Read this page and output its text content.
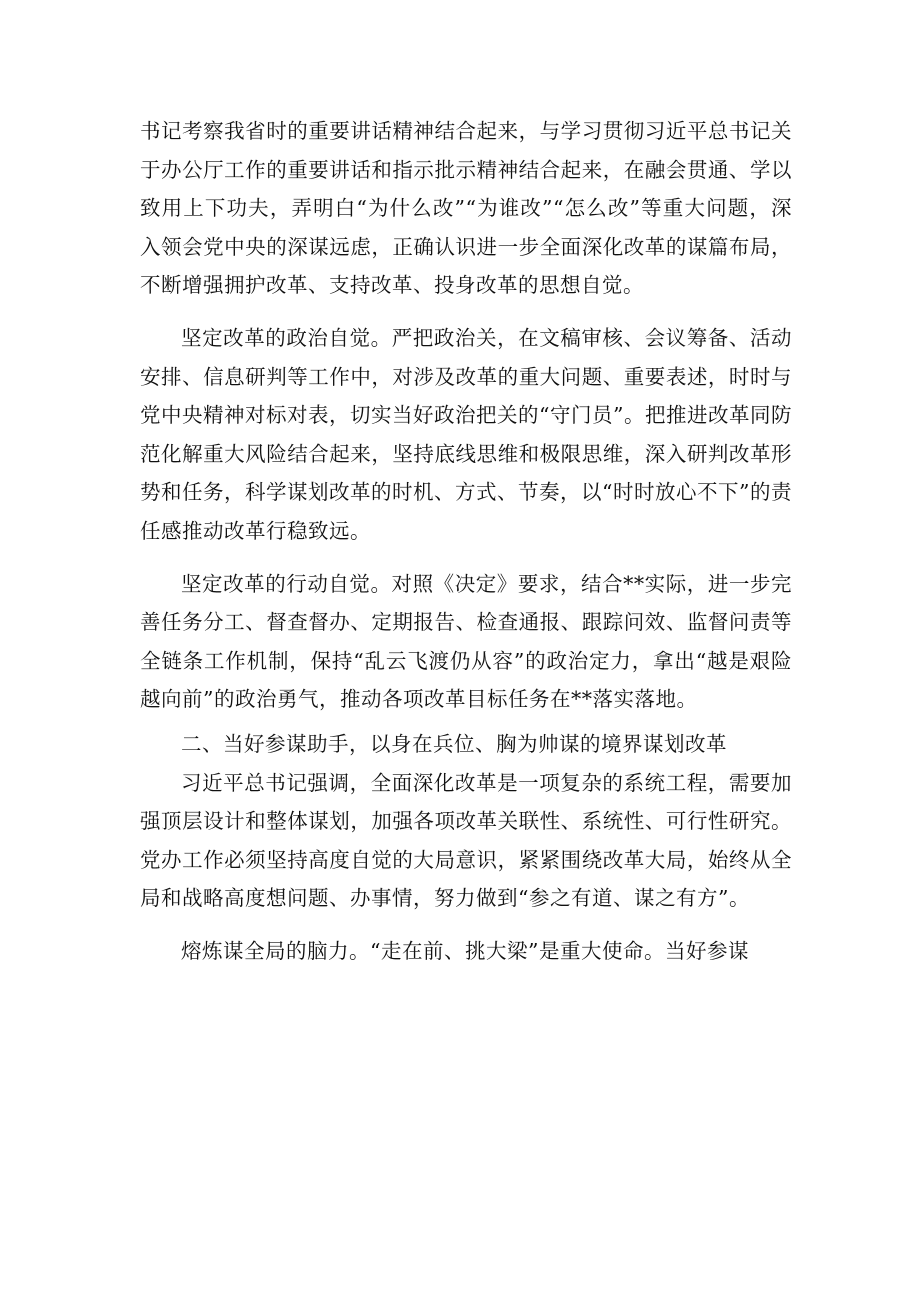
书记考察我省时的重要讲话精神结合起来，与学习贯彻习近平总书记关于办公厅工作的重要讲话和指示批示精神结合起来，在融会贯通、学以致用上下功夫，弄明白“为什么改”“为谁改”“怎么改”等重大问题，深入领会党中央的深谋远虑，正确认识进一步全面深化改革的谋篇布局，不断增强拥护改革、支持改革、投身改革的思想自觉。

坚定改革的政治自觉。严把政治关，在文稿审核、会议筹备、活动安排、信息研判等工作中，对涉及改革的重大问题、重要表述，时时与党中央精神对标对表，切实当好政治把关的“守门员”。把推进改革同防范化解重大风险结合起来，坚持底线思维和极限思维，深入研判改革形势和任务，科学谋划改革的时机、方式、节奏，以“时时放心不下”的责任感推动改革行稳致远。

坚定改革的行动自觉。对照《决定》要求，结合**实际，进一步完善任务分工、督查督办、定期报告、检查通报、跟踪问效、监督问责等全链条工作机制，保持“乱云飞渡仍从容”的政治定力，拿出“越是艰险越向前”的政治勇气，推动各项改革目标任务在**落实落地。

二、当好参谋助手，以身在兵位、胸为帅谋的境界谋划改革

习近平总书记强调，全面深化改革是一项复杂的系统工程，需要加强顶层设计和整体谋划，加强各项改革关联性、系统性、可行性研究。党办工作必须坚持高度自觉的大局意识，紧紧围绕改革大局，始终从全局和战略高度想问题、办事情，努力做到“参之有道、谋之有方”。

熔炼谋全局的脑力。“走在前、挑大梁”是重大使命。当好参谋
